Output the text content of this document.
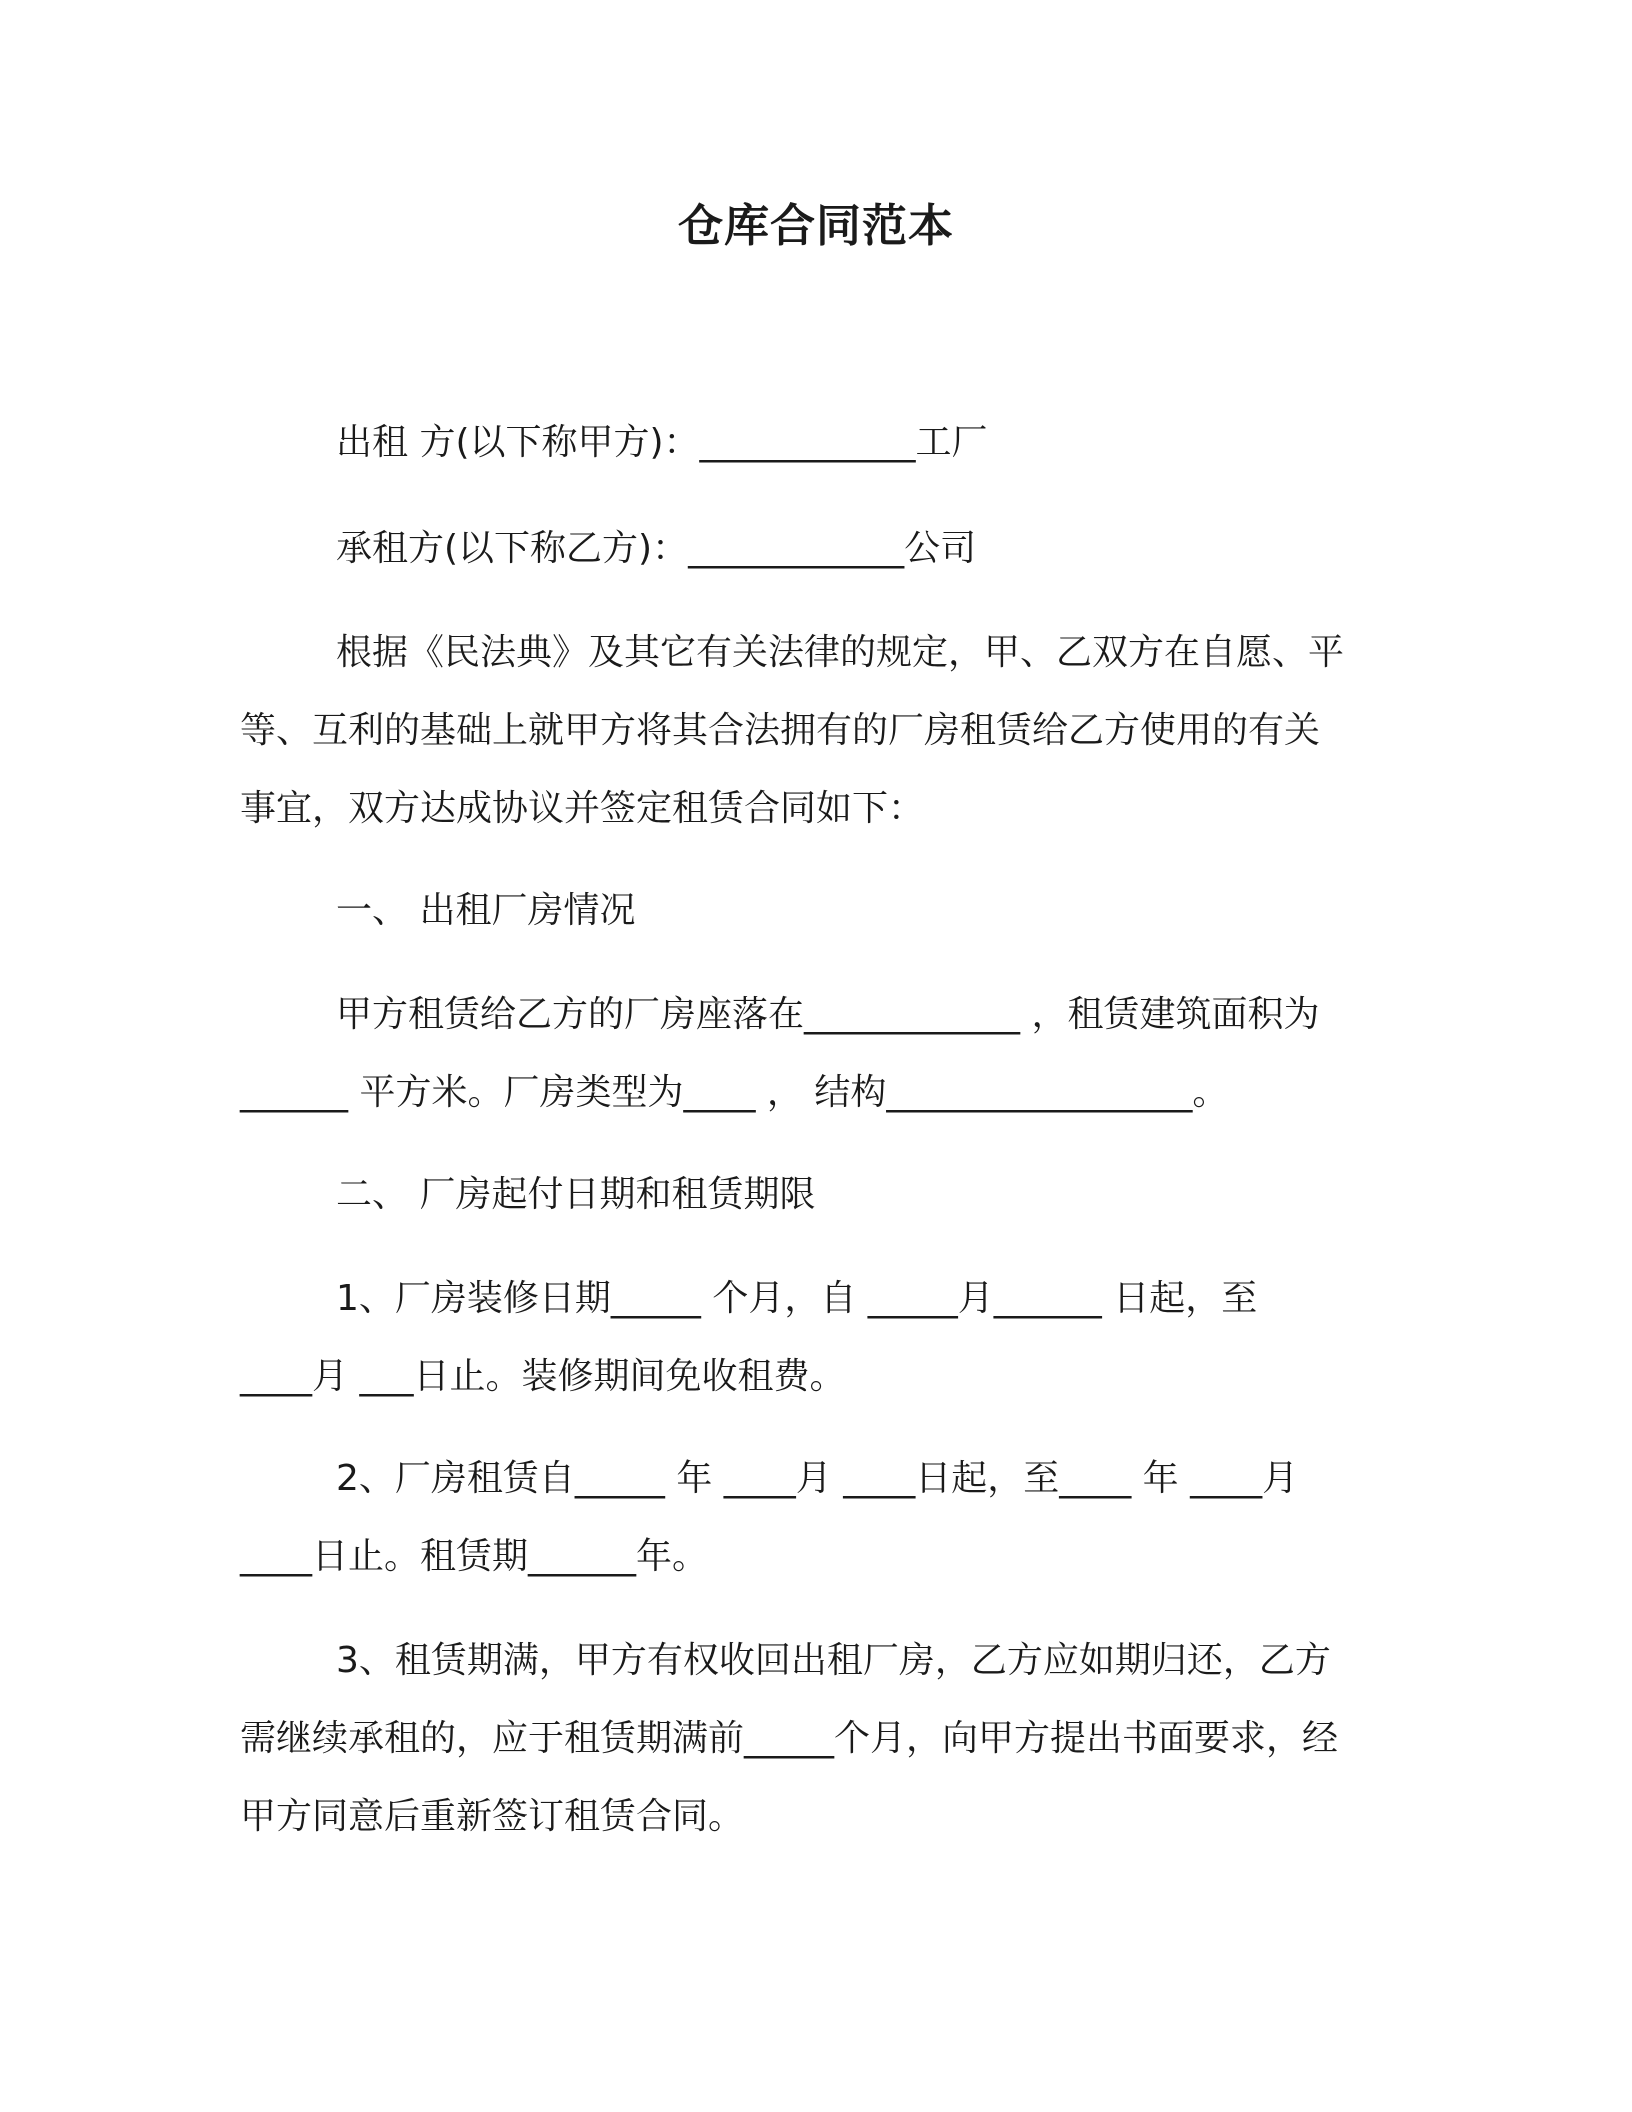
仓库合同范本
出租 方(以下称甲方)：____________工厂
承租方(以下称乙方)：____________公司
根据《民法典》及其它有关法律的规定，甲、乙双方在自愿、平
等、互利的基础上就甲方将其合法拥有的厂房租赁给乙方使用的有关
事宜，双方达成协议并签定租赁合同如下：
一、 出租厂房情况
甲方租赁给乙方的厂房座落在____________ ，租赁建筑面积为
______ 平方米。厂房类型为____ ， 结构_________________。
二、 厂房起付日期和租赁期限
1、厂房装修日期_____ 个月，自 _____月______ 日起，至
____月 ___日止。装修期间免收租费。
2、厂房租赁自_____ 年 ____月 ____日起，至____ 年 ____月
____日止。租赁期______年。
3、租赁期满，甲方有权收回出租厂房，乙方应如期归还，乙方
需继续承租的，应于租赁期满前_____个月，向甲方提出书面要求，经
甲方同意后重新签订租赁合同。
